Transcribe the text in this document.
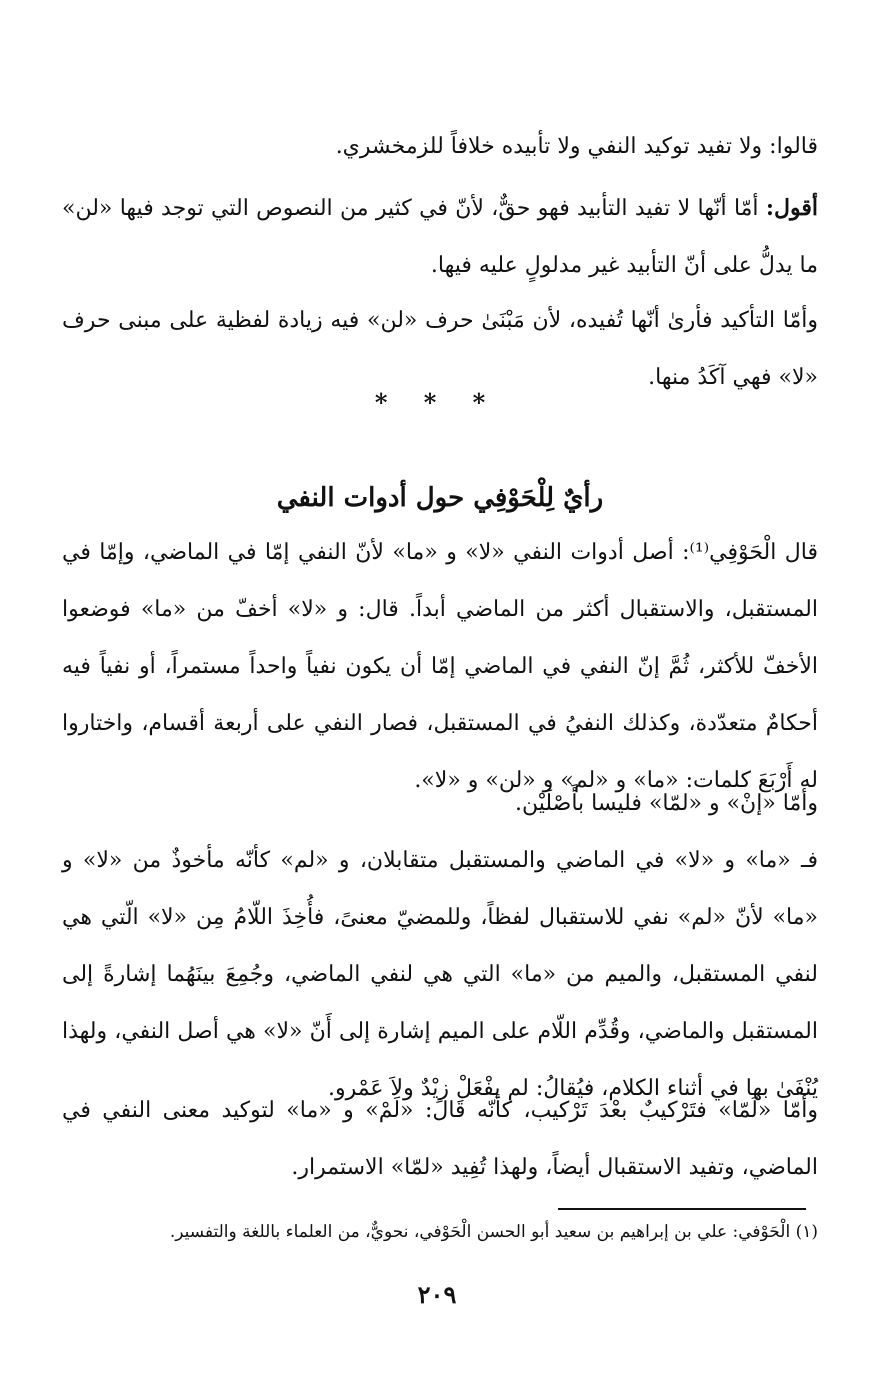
قالوا: ولا تفيد توكيد النفي ولا تأبيده خلافاً للزمخشري.
أقول: أمّا أنّها لا تفيد التأبيد فهو حقٌّ، لأنّ في كثير من النصوص التي توجد فيها «لن» ما يدلُّ على أنّ التأبيد غير مدلولٍ عليه فيها.
وأمّا التأكيد فأرىٰ أنّها تُفيده، لأن مَبْنَىٰ حرف «لن» فيه زيادة لفظية على مبنى حرف «لا» فهي آكَدُ منها.
* * *
رأيٌ لِلْحَوْفِي حول أدوات النفي
قال الْحَوْفِي⁽¹⁾: أصل أدوات النفي «لا» و «ما» لأنّ النفي إمّا في الماضي، وإمّا في المستقبل، والاستقبال أكثر من الماضي أبداً. قال: و «لا» أخفّ من «ما» فوضعوا الأخفّ للأكثر، ثُمَّ إنّ النفي في الماضي إمّا أن يكون نفياً واحداً مستمراً، أو نفياً فيه أحكامٌ متعدّدة، وكذلك النفيُ في المستقبل، فصار النفي على أربعة أقسام، واختاروا له أَرْبَعَ كلمات: «ما» و «لم» و «لن» و «لا».
وأمّا «إنْ» و «لمّا» فليسا بأَصْلَيْن.
فـ «ما» و «لا» في الماضي والمستقبل متقابلان، و «لم» كأنّه مأخوذٌ من «لا» و «ما» لأنّ «لم» نفي للاستقبال لفظاً، وللمضيّ معنىً، فأُخِذَ اللّامُ مِن «لا» الّتي هي لنفي المستقبل، والميم من «ما» التي هي لنفي الماضي، وجُمِعَ بينَهُما إشارةً إلى المستقبل والماضي، وقُدِّم اللّام على الميم إشارة إلى أَنّ «لا» هي أصل النفي، ولهذا يُنْفَىٰ بها في أثناء الكلام، فيُقالُ: لم يفْعَلْ زيْدٌ ولاَ عَمْرو.
وأمّا «لَمّا» فتَرْكيبٌ بعْدَ تَرْكيب، كأنّه قَالَ: «لَمْ» و «ما» لتوكيد معنى النفي في الماضي، وتفيد الاستقبال أيضاً، ولهذا تُفِيد «لمّا» الاستمرار.
(١) الْحَوْفي: علي بن إبراهيم بن سعيد أبو الحسن الْحَوْفي، نحويٌّ، من العلماء باللغة والتفسير.
٢٠٩
